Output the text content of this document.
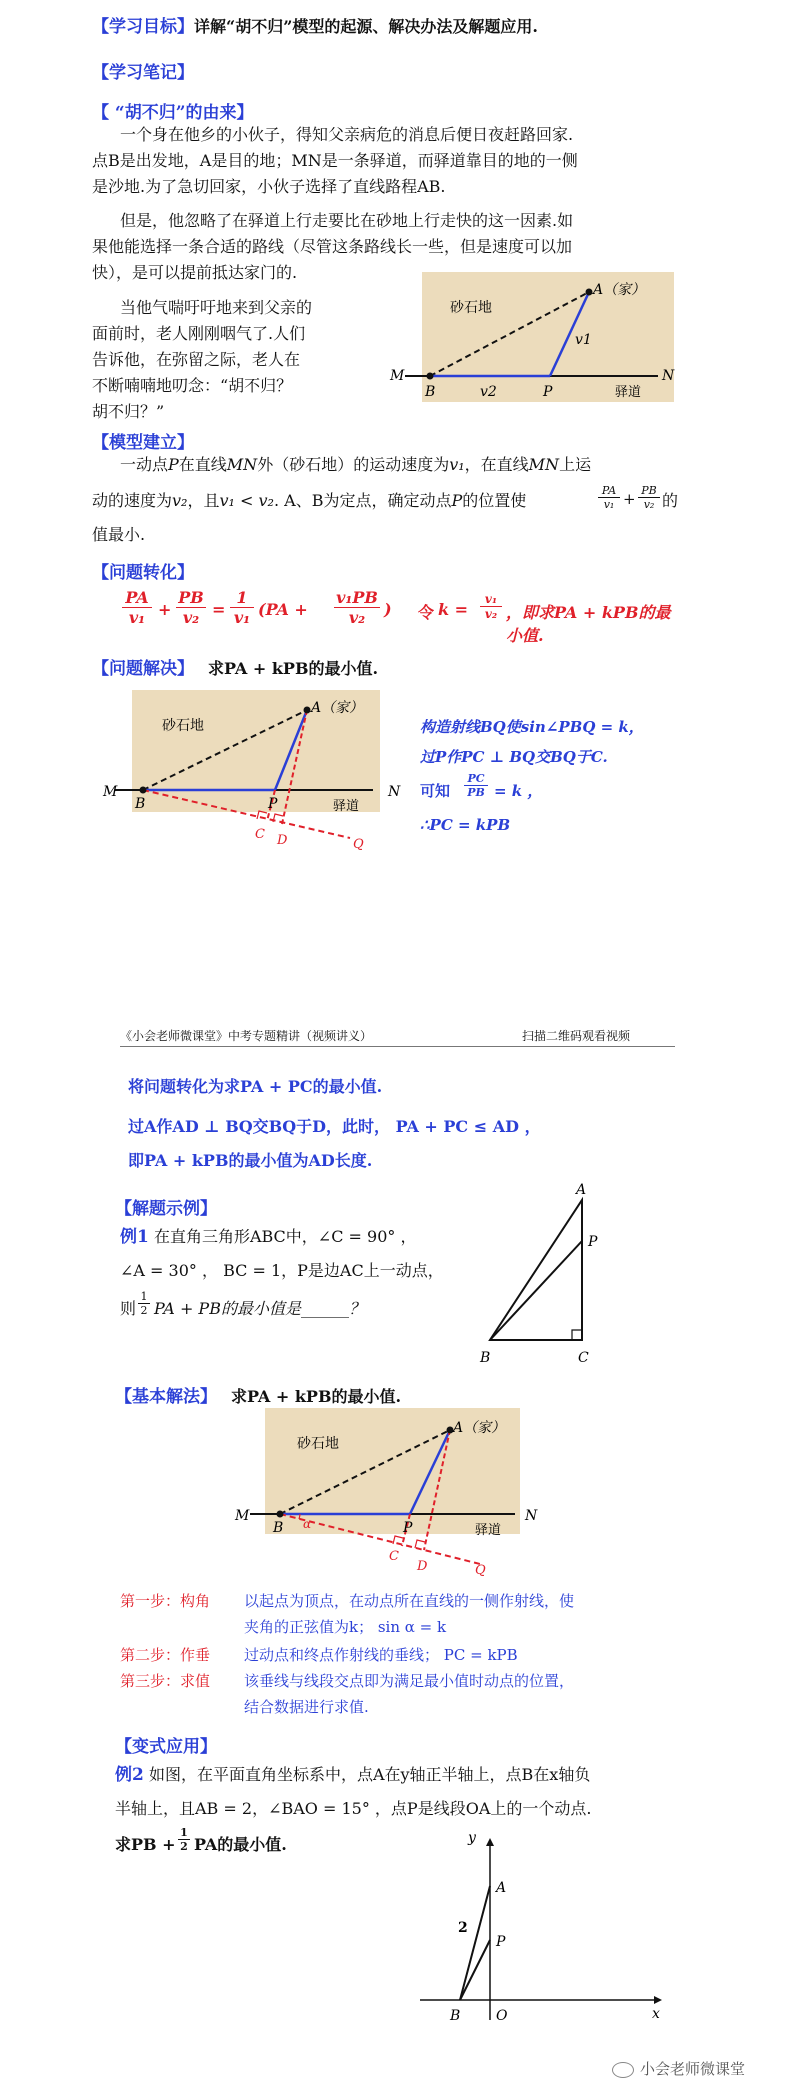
【学习目标】详解“胡不归”模型的起源、解决办法及解题应用.
【学习笔记】
【 “胡不归”的由来】
一个身在他乡的小伙子，得知父亲病危的消息后便日夜赶路回家.
点B是出发地，A是目的地；MN是一条驿道，而驿道靠目的地的一侧
是沙地.为了急切回家，小伙子选择了直线路程AB.
但是，他忽略了在驿道上行走要比在砂地上行走快的这一因素.如
果他能选择一条合适的路线（尽管这条路线长一些，但是速度可以加
快），是可以提前抵达家门的.
当他气喘吁吁地来到父亲的
面前时，老人刚刚咽气了.人们
告诉他，在弥留之际，老人在
不断喃喃地叨念：“胡不归？
胡不归？”
砂石地
A（家）
M	N
B	P
v1
v2	驿道
【模型建立】
一动点P在直线MN外（砂石地）的运动速度为v₁，在直线MN上运
动的速度为v₂，且v₁ < v₂. A、B为定点，确定动点P的位置使	$\frac{PA}{\text{v₁}} + \frac{PB}{\text{v₂}}$ 的
值最小.
【问题转化】
$\frac{PA}{\text{v₁}} + \frac{PB}{\text{v₂}} = \frac{1}{\text{v₁}} (PA + \frac{\text{v₁PB}}{\text{v₂}}$ ) 令 $k = \frac{\text{v₁}}{\text{v₂}}$ ，即求PA + kPB的最小值.
【问题解决】 求PA + kPB的最小值.
砂石地
A（家）
M	N
B	P
C D	Q
驿道
构造射线BQ使sin∠PBQ = k，
过P作PC ⊥ BQ交BQ于C.
可知 $\frac{PC}{PB} = k$ ，
∴PC = kPB
《小会老师微课堂》中考专题精讲（视频讲义）	扫描二维码观看视频
将问题转化为求PA + PC的最小值.
过A作AD ⊥ BQ交BQ于D，此时， PA + PC ≤ AD ，
即PA + kPB的最小值为AD长度.
【解题示例】
例1 在直角三角形ABC中，∠C = 90° ，
∠A = 30° ， BC = 1，P是边AC上一动点，
则 $\frac{1}{2}$ PA + PB的最小值是______？
A
P
B	C
【基本解法】 求PA + kPB的最小值.
砂石地
A（家）
M	N
B α	P
C
D	Q
驿道
第一步：构角 以起点为顶点，在动点所在直线的一侧作射线，使
夹角的正弦值为k； sin α = k
第二步：作垂 过动点和终点作射线的垂线； PC = kPB
第三步：求值 该垂线与线段交点即为满足最小值时动点的位置，
结合数据进行求值.
【变式应用】
例2 如图，在平面直角坐标系中，点A在y轴正半轴上，点B在x轴负
半轴上，且AB = 2，∠BAO = 15° ，点P是线段OA上的一个动点.
求PB + $\frac{1}{2}$ PA的最小值.	y
x
A
P
B	O
2
小会老师微课堂
